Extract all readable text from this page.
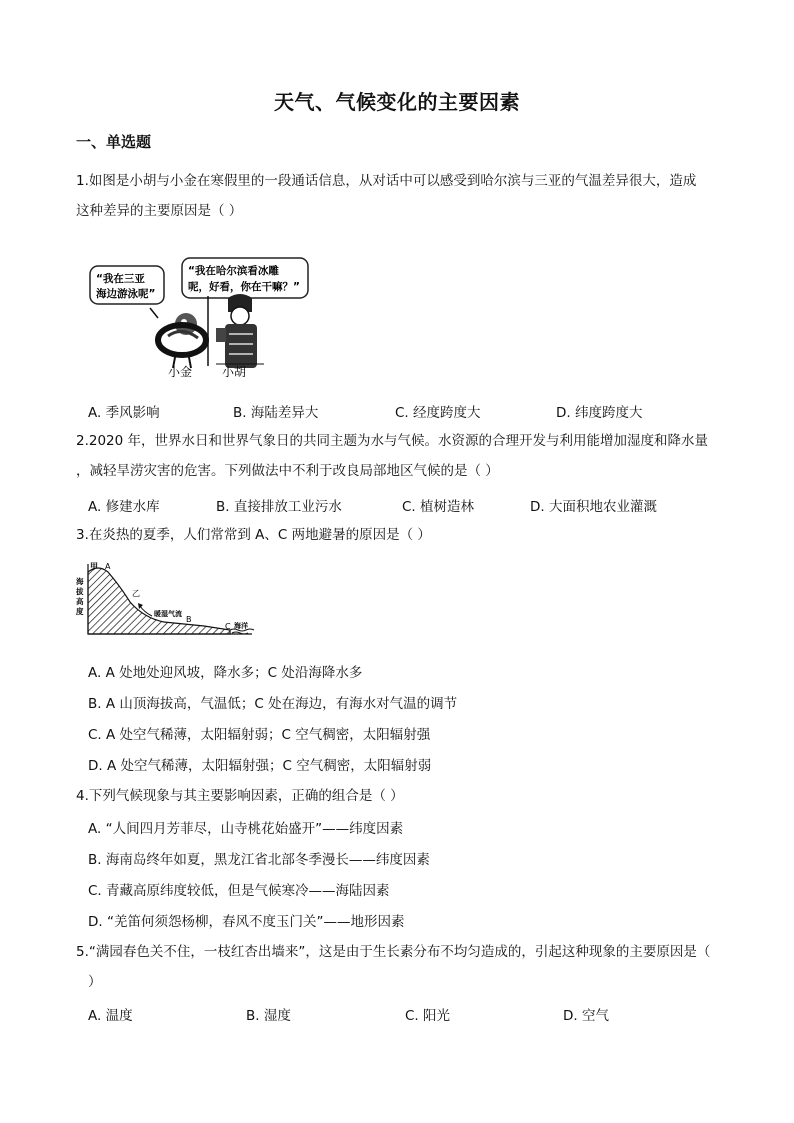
天气、气候变化的主要因素
一、单选题
1.如图是小胡与小金在寒假里的一段通话信息，从对话中可以感受到哈尔滨与三亚的气温差异很大，造成
这种差异的主要原因是（ ）
“我在三亚
海边游泳呢”
“我在哈尔滨看冰雕
呢，好看，你在干嘛？”
小金 小胡
A. 季风影响	B. 海陆差异大	C. 经度跨度大	D. 纬度跨度大
2.2020 年，世界水日和世界气象日的共同主题为水与气候。水资源的合理开发与利用能增加湿度和降水量
，减轻旱涝灾害的危害。下列做法中不利于改良局部地区气候的是（ ）
A. 修建水库	B. 直接排放工业污水	C. 植树造林	D. 大面积地农业灌溉
3.在炎热的夏季，人们常常到 A、C 两地避暑的原因是（ ）
甲 A
海
拔
高
度
乙
暖湿气流
B
C 海洋
A. A 处地处迎风坡，降水多；C 处沿海降水多
B. A 山顶海拔高，气温低；C 处在海边，有海水对气温的调节
C. A 处空气稀薄，太阳辐射弱；C 空气稠密，太阳辐射强
D. A 处空气稀薄，太阳辐射强；C 空气稠密，太阳辐射弱
4.下列气候现象与其主要影响因素，正确的组合是（ ）
A. “人间四月芳菲尽，山寺桃花始盛开”——纬度因素
B. 海南岛终年如夏，黑龙江省北部冬季漫长——纬度因素
C. 青藏高原纬度较低，但是气候寒冷——海陆因素
D. “羌笛何须怨杨柳，春风不度玉门关”——地形因素
5.“满园春色关不住，一枝红杏出墙来”，这是由于生长素分布不均匀造成的，引起这种现象的主要原因是（
）
A. 温度	B. 湿度	C. 阳光	D. 空气
